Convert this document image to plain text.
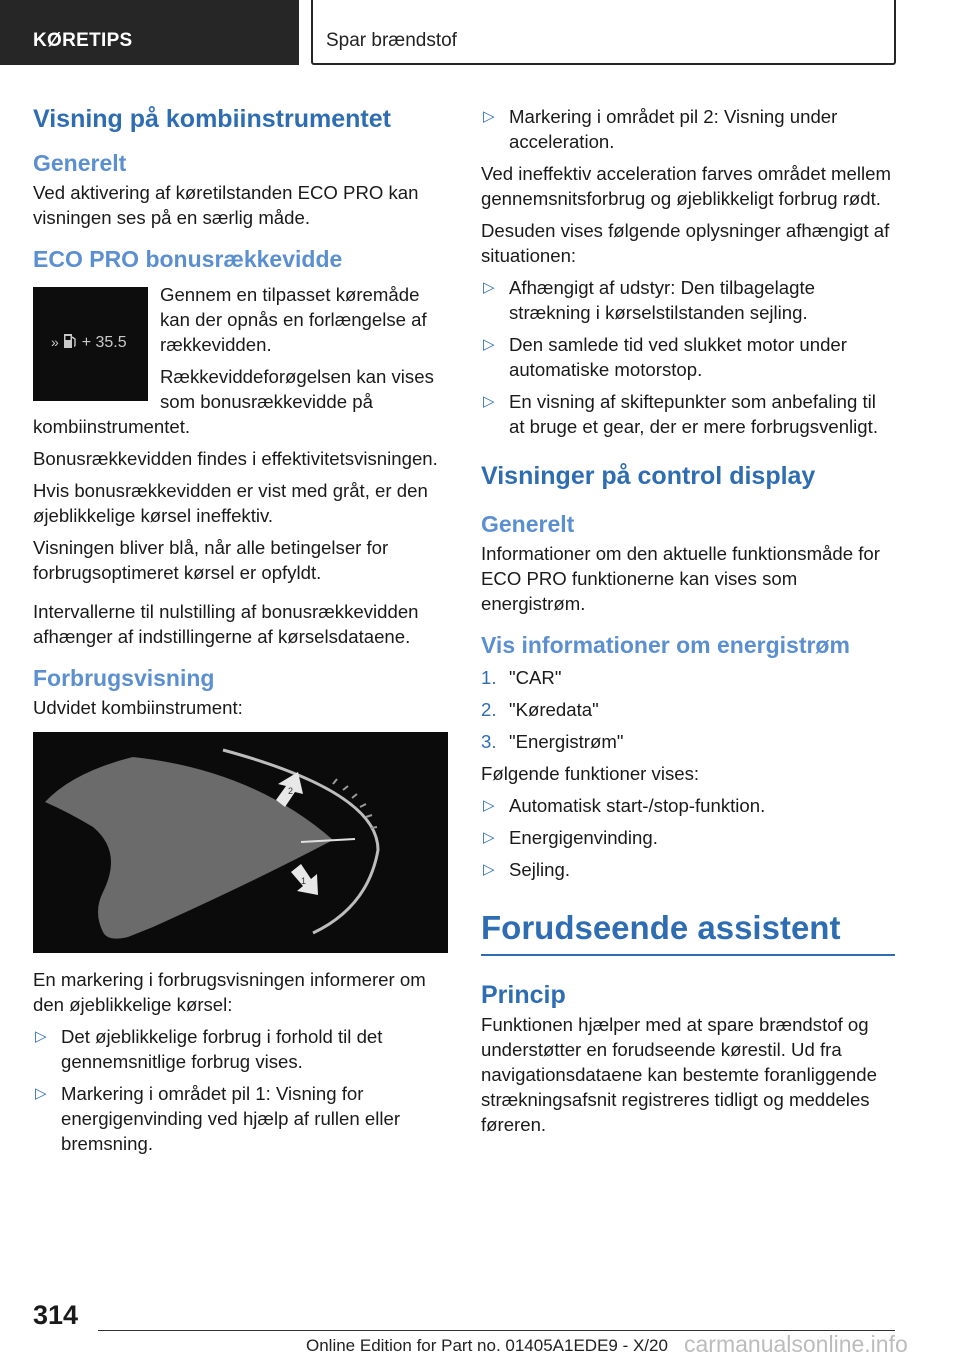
KØRETIPS	Spar brændstof
Visning på kombiinstrumentet
Generelt

Ved aktivering af køretilstanden ECO PRO kan visningen ses på en særlig måde.

ECO PRO bonusrækkevidde
» + 35.5

Gennem en tilpasset køremåde kan der opnås en forlængelse af rækkevidden.

Rækkeviddeforøgelsen kan vises som bonusrækkevidde på kombiinstrumentet.

Bonusrækkevidden findes i effektivitetsvisningen.

Hvis bonusrækkevidden er vist med gråt, er den øjeblikkelige kørsel ineffektiv.

Visningen bliver blå, når alle betingelser for forbrugsoptimeret kørsel er opfyldt.

Intervallerne til nulstilling af bonusrækkevidden afhænger af indstillingerne af kørselsdataene.

Forbrugsvisning

Udvidet kombiinstrument:

2
1

En markering i forbrugsvisningen informerer om den øjeblikkelige kørsel:

▷ Det øjeblikkelige forbrug i forhold til det gennemsnitlige forbrug vises.
▷ Markering i området pil 1: Visning for energigenvinding ved hjælp af rullen eller bremsning.
▷ Markering i området pil 2: Visning under acceleration.

Ved ineffektiv acceleration farves området mellem gennemsnitsforbrug og øjeblikkeligt forbrug rødt.

Desuden vises følgende oplysninger afhængigt af situationen:

▷ Afhængigt af udstyr: Den tilbagelagte strækning i kørselstilstanden sejling.
▷ Den samlede tid ved slukket motor under automatiske motorstop.
▷ En visning af skiftepunkter som anbefaling til at bruge et gear, der er mere forbrugsvenligt.
Visninger på control display
Generelt

Informationer om den aktuelle funktionsmåde for ECO PRO funktionerne kan vises som energistrøm.

Vis informationer om energistrøm
1. "CAR"
2. "Køredata"
3. "Energistrøm"

Følgende funktioner vises:

▷ Automatisk start-/stop-funktion.
▷ Energigenvinding.
▷ Sejling.
Forudseende assistent
Princip

Funktionen hjælper med at spare brændstof og understøtter en forudseende kørestil. Ud fra navigationsdataene kan bestemte foranliggende strækningsafsnit registreres tidligt og meddeles føreren.

314
Online Edition for Part no. 01405A1EDE9 - X/20 carmanualsonline.info
